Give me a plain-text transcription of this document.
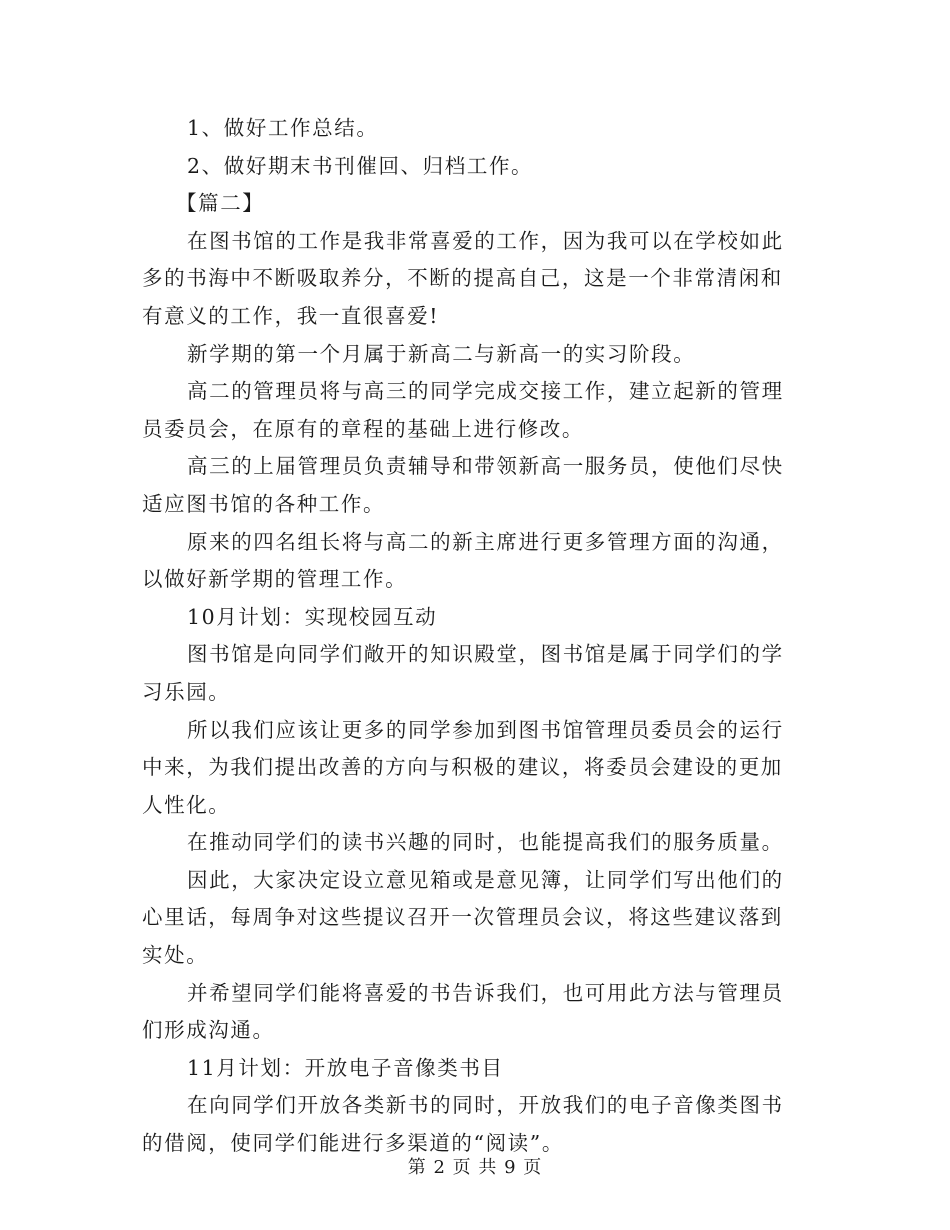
1、做好工作总结。

2、做好期末书刊催回、归档工作。

【篇二】

在图书馆的工作是我非常喜爱的工作，因为我可以在学校如此多的书海中不断吸取养分，不断的提高自己，这是一个非常清闲和有意义的工作，我一直很喜爱!

新学期的第一个月属于新高二与新高一的实习阶段。

高二的管理员将与高三的同学完成交接工作，建立起新的管理员委员会，在原有的章程的基础上进行修改。

高三的上届管理员负责辅导和带领新高一服务员，使他们尽快适应图书馆的各种工作。

原来的四名组长将与高二的新主席进行更多管理方面的沟通，以做好新学期的管理工作。

10月计划：实现校园互动

图书馆是向同学们敞开的知识殿堂，图书馆是属于同学们的学习乐园。

所以我们应该让更多的同学参加到图书馆管理员委员会的运行中来，为我们提出改善的方向与积极的建议，将委员会建设的更加人性化。

在推动同学们的读书兴趣的同时，也能提高我们的服务质量。

因此，大家决定设立意见箱或是意见簿，让同学们写出他们的心里话，每周争对这些提议召开一次管理员会议，将这些建议落到实处。

并希望同学们能将喜爱的书告诉我们，也可用此方法与管理员们形成沟通。

11月计划：开放电子音像类书目

在向同学们开放各类新书的同时，开放我们的电子音像类图书的借阅，使同学们能进行多渠道的“阅读”。

第 2 页 共 9 页
